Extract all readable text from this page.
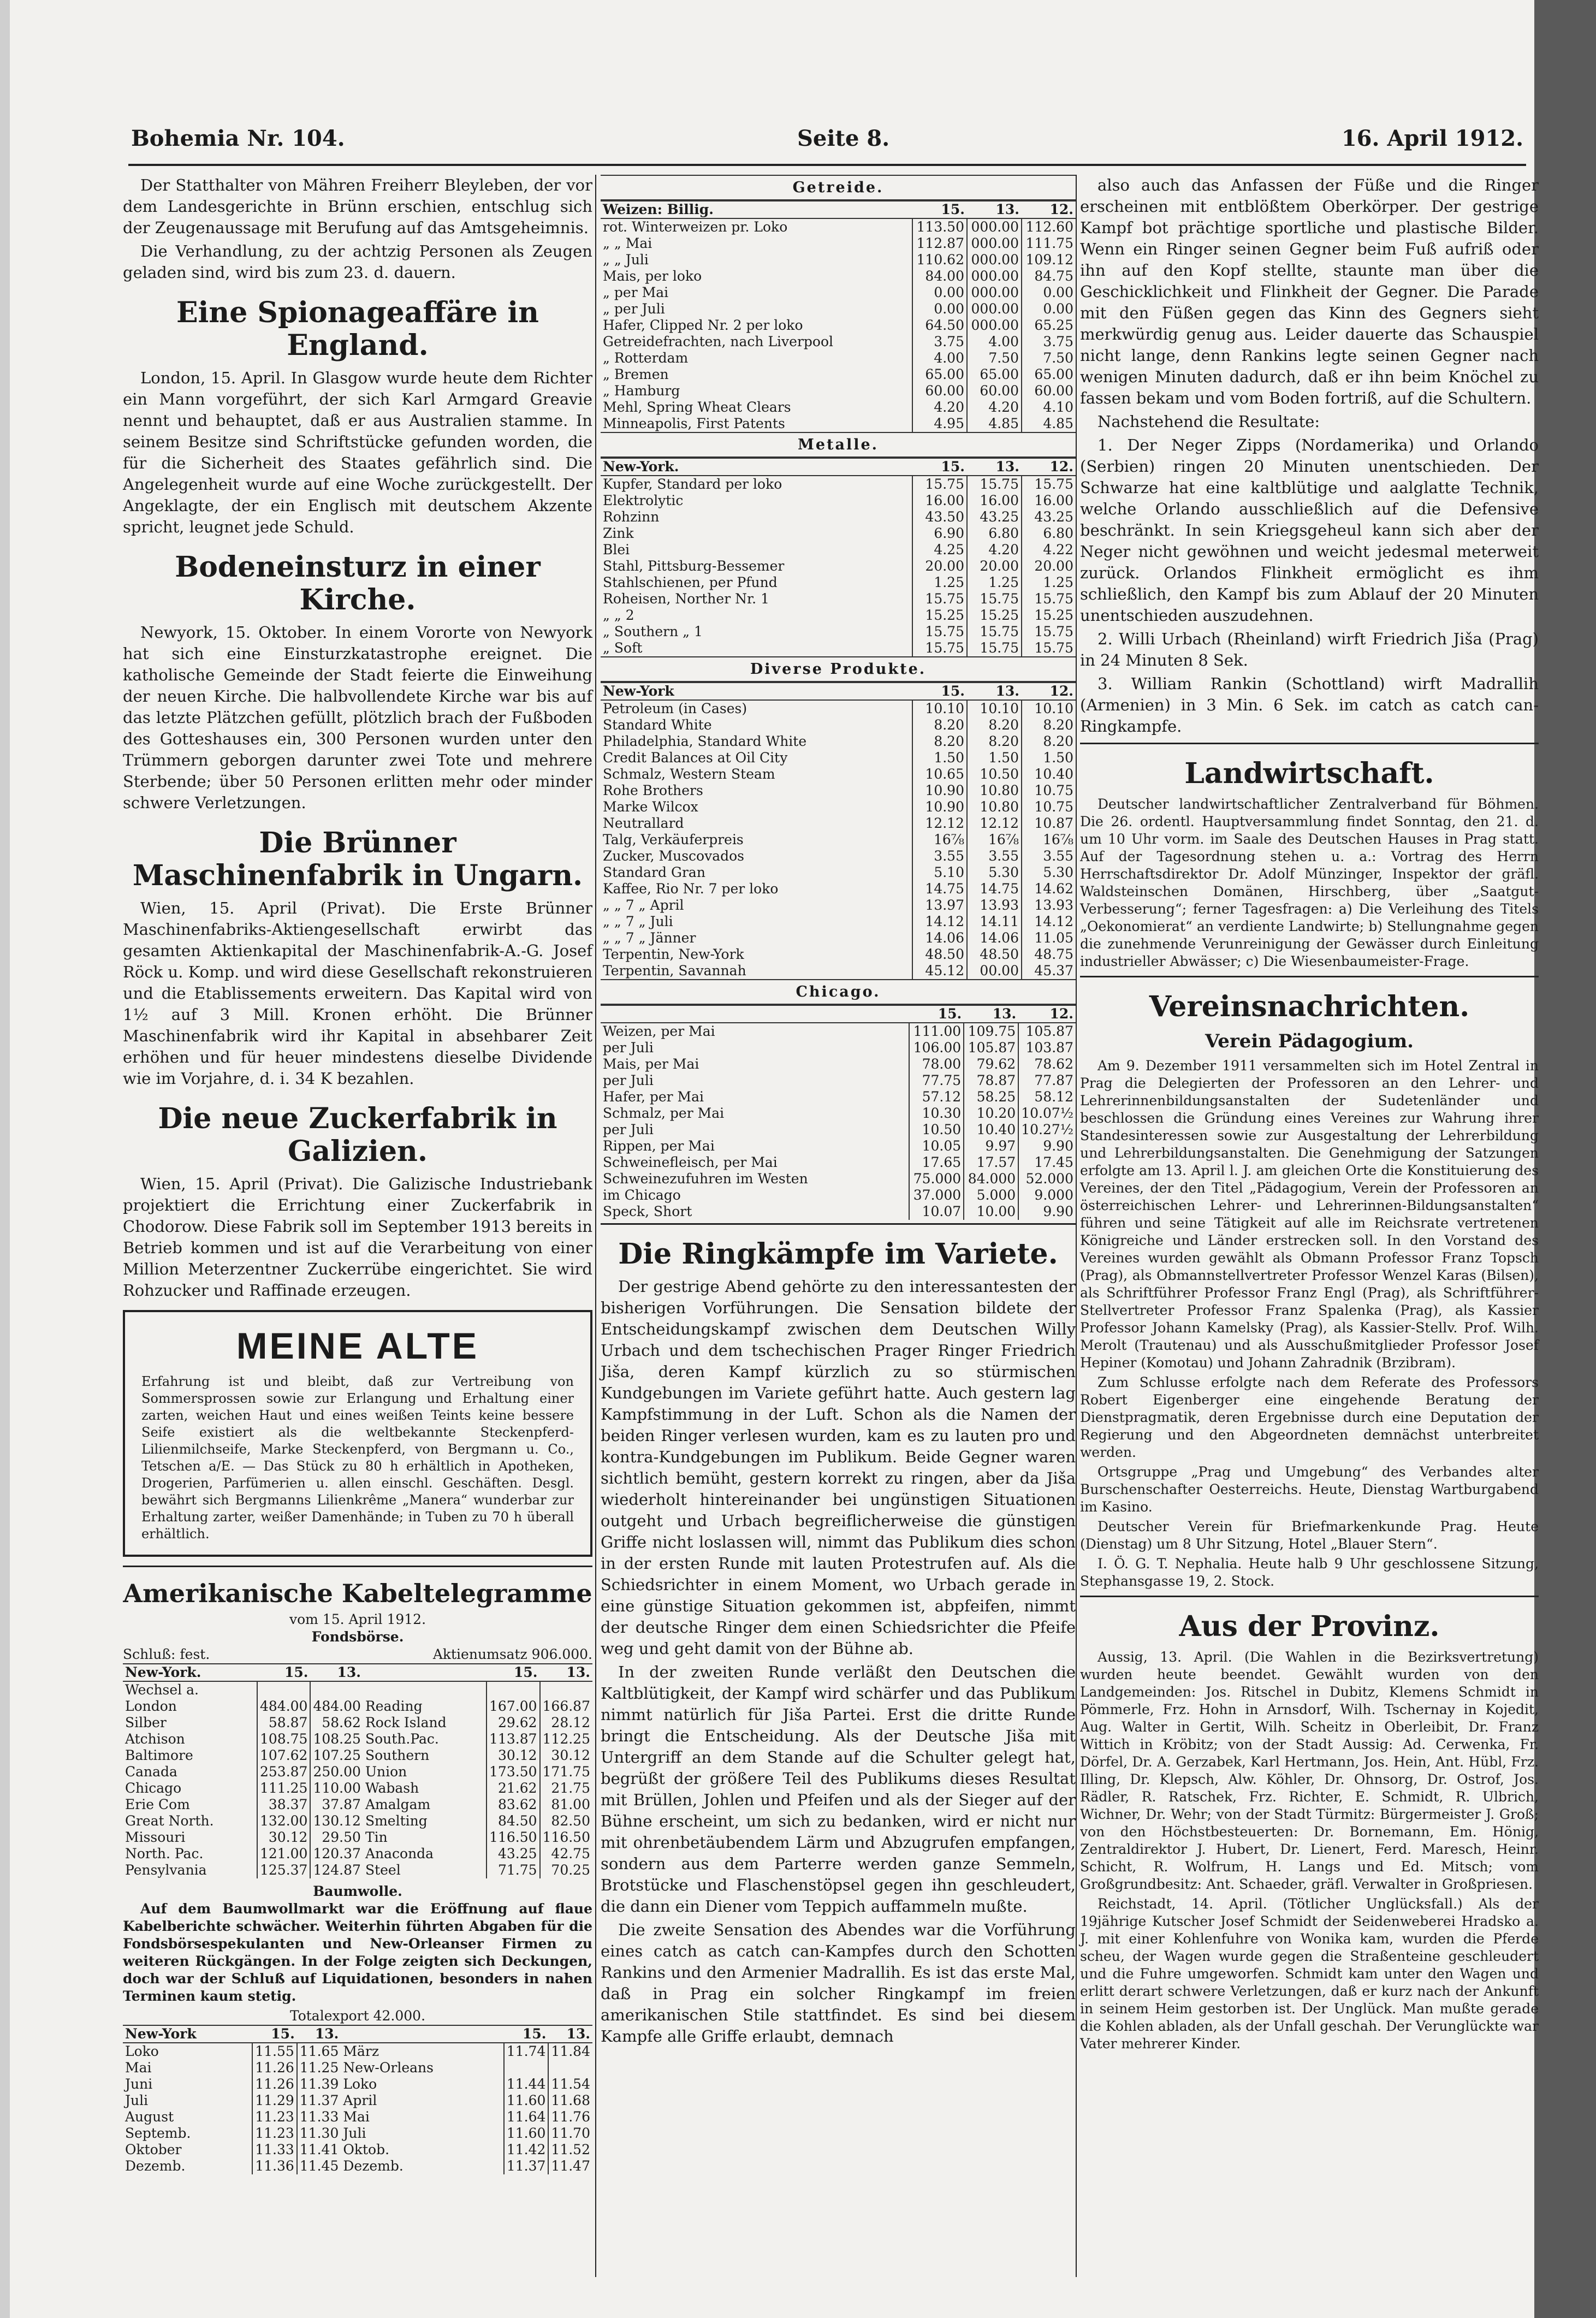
Bohemia Nr. 104.	Seite 8.	16. April 1912.

Der Statthalter von Mähren Freiherr Bleyleben, der vor dem Landesgerichte in Brünn erschien, entschlug sich der Zeugenaussage mit Berufung auf das Amtsgeheimnis.

Die Verhandlung, zu der achtzig Personen als Zeugen geladen sind, wird bis zum 23. d. dauern.

Eine Spionageaffäre in England.

London, 15. April. In Glasgow wurde heute dem Richter ein Mann vorgeführt, der sich Karl Armgard Greavie nennt und behauptet, daß er aus Australien stamme. In seinem Besitze sind Schriftstücke gefunden worden, die für die Sicherheit des Staates gefährlich sind. Die Angelegenheit wurde auf eine Woche zurückgestellt. Der Angeklagte, der ein Englisch mit deutschem Akzente spricht, leugnet jede Schuld.

Bodeneinsturz in einer Kirche.

Newyork, 15. Oktober. In einem Vororte von Newyork hat sich eine Einsturzkatastrophe ereignet. Die katholische Gemeinde der Stadt feierte die Einweihung der neuen Kirche. Die halbvollendete Kirche war bis auf das letzte Plätzchen gefüllt, plötzlich brach der Fußboden des Gotteshauses ein, 300 Personen wurden unter den Trümmern geborgen darunter zwei Tote und mehrere Sterbende; über 50 Personen erlitten mehr oder minder schwere Verletzungen.

Die Brünner Maschinenfabrik in Ungarn.

Wien, 15. April (Privat). Die Erste Brünner Maschinenfabriks-Aktiengesellschaft erwirbt das gesamten Aktienkapital der Maschinenfabrik-A.-G. Josef Röck u. Komp. und wird diese Gesellschaft rekonstruieren und die Etablissements erweitern. Das Kapital wird von 1½ auf 3 Mill. Kronen erhöht. Die Brünner Maschinenfabrik wird ihr Kapital in absehbarer Zeit erhöhen und für heuer mindestens dieselbe Dividende wie im Vorjahre, d. i. 34 K bezahlen.

Die neue Zuckerfabrik in Galizien.

Wien, 15. April (Privat). Die Galizische Industriebank projektiert die Errichtung einer Zuckerfabrik in Chodorow. Diese Fabrik soll im September 1913 bereits in Betrieb kommen und ist auf die Verarbeitung von einer Million Meterzentner Zuckerrübe eingerichtet. Sie wird Rohzucker und Raffinade erzeugen.

MEINE ALTE
Erfahrung ist und bleibt, daß zur Vertreibung von Sommersprossen sowie zur Erlangung und Erhaltung einer zarten, weichen Haut und eines weißen Teints keine bessere Seife existiert als die weltbekannte Steckenpferd-Lilienmilchseife, Marke Steckenpferd, von Bergmann u. Co., Tetschen a/E. — Das Stück zu 80 h erhältlich in Apotheken, Drogerien, Parfümerien u. allen einschl. Geschäften. Desgl. bewährt sich Bergmanns Lilienkrême „Manera“ wunderbar zur Erhaltung zarter, weißer Damenhände; in Tuben zu 70 h überall erhältlich.
Amerikanische Kabeltelegramme
vom 15. April 1912.
Fondsbörse.
Schluß: fest.	Aktienumsatz 906.000.
New-York.	15.	13.		15.	13.
Wechsel a.					
London	484.00	484.00	Reading	167.00	166.87
Silber	58.87	58.62	Rock Island	29.62	28.12
Atchison	108.75	108.25	South.Pac.	113.87	112.25
Baltimore	107.62	107.25	Southern	30.12	30.12
Canada	253.87	250.00	Union	173.50	171.75
Chicago	111.25	110.00	Wabash	21.62	21.75
Erie Com	38.37	37.87	Amalgam	83.62	81.00
Great North.	132.00	130.12	Smelting	84.50	82.50
Missouri	30.12	29.50	Tin	116.50	116.50
North. Pac.	121.00	120.37	Anaconda	43.25	42.75
Pensylvania	125.37	124.87	Steel	71.75	70.25
Baumwolle.

Auf dem Baumwollmarkt war die Eröffnung auf flaue Kabelberichte schwächer. Weiterhin führten Abgaben für die Fondsbörsespekulanten und New-Orleanser Firmen zu weiteren Rückgängen. In der Folge zeigten sich Deckungen, doch war der Schluß auf Liquidationen, besonders in nahen Terminen kaum stetig.

Totalexport 42.000.
New-York	15.	13.		15.	13.
Loko	11.55	11.65	März	11.74	11.84
Mai	11.26	11.25	New-Orleans		
Juni	11.26	11.39	Loko	11.44	11.54
Juli	11.29	11.37	April	11.60	11.68
August	11.23	11.33	Mai	11.64	11.76
Septemb.	11.23	11.30	Juli	11.60	11.70
Oktober	11.33	11.41	Oktob.	11.42	11.52
Dezemb.	11.36	11.45	Dezemb.	11.37	11.47
Getreide.
Weizen: Billig.	15.	13.	12.
rot. Winterweizen pr. Loko	113.50	000.00	112.60
„ „ Mai	112.87	000.00	111.75
„ „ Juli	110.62	000.00	109.12
Mais, per loko	84.00	000.00	84.75
„ per Mai	0.00	000.00	0.00
„ per Juli	0.00	000.00	0.00
Hafer, Clipped Nr. 2 per loko	64.50	000.00	65.25
Getreidefrachten, nach Liverpool	3.75	4.00	3.75
„ Rotterdam	4.00	7.50	7.50
„ Bremen	65.00	65.00	65.00
„ Hamburg	60.00	60.00	60.00
Mehl, Spring Wheat Clears	4.20	4.20	4.10
Minneapolis, First Patents	4.95	4.85	4.85
Metalle.
New-York.	15.	13.	12.
Kupfer, Standard per loko	15.75	15.75	15.75
Elektrolytic	16.00	16.00	16.00
Rohzinn	43.50	43.25	43.25
Zink	6.90	6.80	6.80
Blei	4.25	4.20	4.22
Stahl, Pittsburg-Bessemer	20.00	20.00	20.00
Stahlschienen, per Pfund	1.25	1.25	1.25
Roheisen, Norther Nr. 1	15.75	15.75	15.75
„ „ 2	15.25	15.25	15.25
„ Southern „ 1	15.75	15.75	15.75
„ Soft	15.75	15.75	15.75
Diverse Produkte.
New-York	15.	13.	12.
Petroleum (in Cases)	10.10	10.10	10.10
Standard White	8.20	8.20	8.20
Philadelphia, Standard White	8.20	8.20	8.20
Credit Balances at Oil City	1.50	1.50	1.50
Schmalz, Western Steam	10.65	10.50	10.40
Rohe Brothers	10.90	10.80	10.75
Marke Wilcox	10.90	10.80	10.75
Neutrallard	12.12	12.12	10.87
Talg, Verkäuferpreis	16⅞	16⅞	16⅞
Zucker, Muscovados	3.55	3.55	3.55
Standard Gran	5.10	5.30	5.30
Kaffee, Rio Nr. 7 per loko	14.75	14.75	14.62
„ „ 7 „ April	13.97	13.93	13.93
„ „ 7 „ Juli	14.12	14.11	14.12
„ „ 7 „ Jänner	14.06	14.06	11.05
Terpentin, New-York	48.50	48.50	48.75
Terpentin, Savannah	45.12	00.00	45.37
Chicago.
	15.	13.	12.
Weizen, per Mai	111.00	109.75	105.87
per Juli	106.00	105.87	103.87
Mais, per Mai	78.00	79.62	78.62
per Juli	77.75	78.87	77.87
Hafer, per Mai	57.12	58.25	58.12
Schmalz, per Mai	10.30	10.20	10.07½
per Juli	10.50	10.40	10.27½
Rippen, per Mai	10.05	9.97	9.90
Schweinefleisch, per Mai	17.65	17.57	17.45
Schweinezufuhren im Westen	75.000	84.000	52.000
im Chicago	37.000	5.000	9.000
Speck, Short	10.07	10.00	9.90
Die Ringkämpfe im Variete.

Der gestrige Abend gehörte zu den interessantesten der bisherigen Vorführungen. Die Sensation bildete der Entscheidungskampf zwischen dem Deutschen Willy Urbach und dem tschechischen Prager Ringer Friedrich Jiša, deren Kampf kürzlich zu so stürmischen Kundgebungen im Variete geführt hatte. Auch gestern lag Kampfstimmung in der Luft. Schon als die Namen der beiden Ringer verlesen wurden, kam es zu lauten pro und kontra-Kundgebungen im Publikum. Beide Gegner waren sichtlich bemüht, gestern korrekt zu ringen, aber da Jiša wiederholt hintereinander bei ungünstigen Situationen outgeht und Urbach begreiflicherweise die günstigen Griffe nicht loslassen will, nimmt das Publikum dies schon in der ersten Runde mit lauten Protestrufen auf. Als die Schiedsrichter in einem Moment, wo Urbach gerade in eine günstige Situation gekommen ist, abpfeifen, nimmt der deutsche Ringer dem einen Schiedsrichter die Pfeife weg und geht damit von der Bühne ab.

In der zweiten Runde verläßt den Deutschen die Kaltblütigkeit, der Kampf wird schärfer und das Publikum nimmt natürlich für Jiša Partei. Erst die dritte Runde bringt die Entscheidung. Als der Deutsche Jiša mit Untergriff an dem Stande auf die Schulter gelegt hat, begrüßt der größere Teil des Publikums dieses Resultat mit Brüllen, Johlen und Pfeifen und als der Sieger auf der Bühne erscheint, um sich zu bedanken, wird er nicht nur mit ohrenbetäubendem Lärm und Abzugrufen empfangen, sondern aus dem Parterre werden ganze Semmeln, Brotstücke und Flaschenstöpsel gegen ihn geschleudert, die dann ein Diener vom Teppich auffammeln mußte.

Die zweite Sensation des Abendes war die Vorführung eines catch as catch can-Kampfes durch den Schotten Rankins und den Armenier Madrallih. Es ist das erste Mal, daß in Prag ein solcher Ringkampf im freien amerikanischen Stile stattfindet. Es sind bei diesem Kampfe alle Griffe erlaubt, demnach

also auch das Anfassen der Füße und die Ringer erscheinen mit entblößtem Oberkörper. Der gestrige Kampf bot prächtige sportliche und plastische Bilder. Wenn ein Ringer seinen Gegner beim Fuß aufriß oder ihn auf den Kopf stellte, staunte man über die Geschicklichkeit und Flinkheit der Gegner. Die Parade mit den Füßen gegen das Kinn des Gegners sieht merkwürdig genug aus. Leider dauerte das Schauspiel nicht lange, denn Rankins legte seinen Gegner nach wenigen Minuten dadurch, daß er ihn beim Knöchel zu fassen bekam und vom Boden fortriß, auf die Schultern.

Nachstehend die Resultate:

1. Der Neger Zipps (Nordamerika) und Orlando (Serbien) ringen 20 Minuten unentschieden. Der Schwarze hat eine kaltblütige und aalglatte Technik, welche Orlando ausschließlich auf die Defensive beschränkt. In sein Kriegsgeheul kann sich aber der Neger nicht gewöhnen und weicht jedesmal meterweit zurück. Orlandos Flinkheit ermöglicht es ihm schließlich, den Kampf bis zum Ablauf der 20 Minuten unentschieden auszudehnen.

2. Willi Urbach (Rheinland) wirft Friedrich Jiša (Prag) in 24 Minuten 8 Sek.

3. William Rankin (Schottland) wirft Madrallih (Armenien) in 3 Min. 6 Sek. im catch as catch can-Ringkampfe.

Landwirtschaft.

Deutscher landwirtschaftlicher Zentralverband für Böhmen. Die 26. ordentl. Hauptversammlung findet Sonntag, den 21. d. um 10 Uhr vorm. im Saale des Deutschen Hauses in Prag statt. Auf der Tagesordnung stehen u. a.: Vortrag des Herrn Herrschaftsdirektor Dr. Adolf Münzinger, Inspektor der gräfl. Waldsteinschen Domänen, Hirschberg, über „Saatgut-Verbesserung“; ferner Tagesfragen: a) Die Verleihung des Titels „Oekonomierat“ an verdiente Landwirte; b) Stellungnahme gegen die zunehmende Verunreinigung der Gewässer durch Einleitung industrieller Abwässer; c) Die Wiesenbaumeister-Frage.

Vereinsnachrichten.
Verein Pädagogium.

Am 9. Dezember 1911 versammelten sich im Hotel Zentral in Prag die Delegierten der Professoren an den Lehrer- und Lehrerinnenbildungsanstalten der Sudetenländer und beschlossen die Gründung eines Vereines zur Wahrung ihrer Standesinteressen sowie zur Ausgestaltung der Lehrerbildung und Lehrerbildungsanstalten. Die Genehmigung der Satzungen erfolgte am 13. April l. J. am gleichen Orte die Konstituierung des Vereines, der den Titel „Pädagogium, Verein der Professoren an österreichischen Lehrer- und Lehrerinnen-Bildungsanstalten“ führen und seine Tätigkeit auf alle im Reichsrate vertretenen Königreiche und Länder erstrecken soll. In den Vorstand des Vereines wurden gewählt als Obmann Professor Franz Topsch (Prag), als Obmannstellvertreter Professor Wenzel Karas (Bilsen), als Schriftführer Professor Franz Engl (Prag), als Schriftführer-Stellvertreter Professor Franz Spalenka (Prag), als Kassier Professor Johann Kamelsky (Prag), als Kassier-Stellv. Prof. Wilh. Merolt (Trautenau) und als Ausschußmitglieder Professor Josef Hepiner (Komotau) und Johann Zahradnik (Brzibram).

Zum Schlusse erfolgte nach dem Referate des Professors Robert Eigenberger eine eingehende Beratung der Dienstpragmatik, deren Ergebnisse durch eine Deputation der Regierung und den Abgeordneten demnächst unterbreitet werden.

Ortsgruppe „Prag und Umgebung“ des Verbandes alter Burschenschafter Oesterreichs. Heute, Dienstag Wartburgabend im Kasino.

Deutscher Verein für Briefmarkenkunde Prag. Heute (Dienstag) um 8 Uhr Sitzung, Hotel „Blauer Stern“.

I. Ö. G. T. Nephalia. Heute halb 9 Uhr geschlossene Sitzung, Stephansgasse 19, 2. Stock.

Aus der Provinz.

Aussig, 13. April. (Die Wahlen in die Bezirksvertretung) wurden heute beendet. Gewählt wurden von den Landgemeinden: Jos. Ritschel in Dubitz, Klemens Schmidt in Pömmerle, Frz. Hohn in Arnsdorf, Wilh. Tschernay in Kojedit, Aug. Walter in Gertit, Wilh. Scheitz in Oberleibit, Dr. Franz Wittich in Kröbitz; von der Stadt Aussig: Ad. Cerwenka, Fr. Dörfel, Dr. A. Gerzabek, Karl Hertmann, Jos. Hein, Ant. Hübl, Frz. Illing, Dr. Klepsch, Alw. Köhler, Dr. Ohnsorg, Dr. Ostrof, Jos. Rädler, R. Ratschek, Frz. Richter, E. Schmidt, R. Ulbrich, Wichner, Dr. Wehr; von der Stadt Türmitz: Bürgermeister J. Groß; von den Höchstbesteuerten: Dr. Bornemann, Em. Hönig, Zentraldirektor J. Hubert, Dr. Lienert, Ferd. Maresch, Heinr. Schicht, R. Wolfrum, H. Langs und Ed. Mitsch; vom Großgrundbesitz: Ant. Schaeder, gräfl. Verwalter in Großpriesen.

Reichstadt, 14. April. (Tötlicher Unglücksfall.) Als der 19jährige Kutscher Josef Schmidt der Seidenweberei Hradsko a. J. mit einer Kohlenfuhre von Wonika kam, wurden die Pferde scheu, der Wagen wurde gegen die Straßenteine geschleudert und die Fuhre umgeworfen. Schmidt kam unter den Wagen und erlitt derart schwere Verletzungen, daß er kurz nach der Ankunft in seinem Heim gestorben ist. Der Unglück. Man mußte gerade die Kohlen abladen, als der Unfall geschah. Der Verunglückte war Vater mehrerer Kinder.
